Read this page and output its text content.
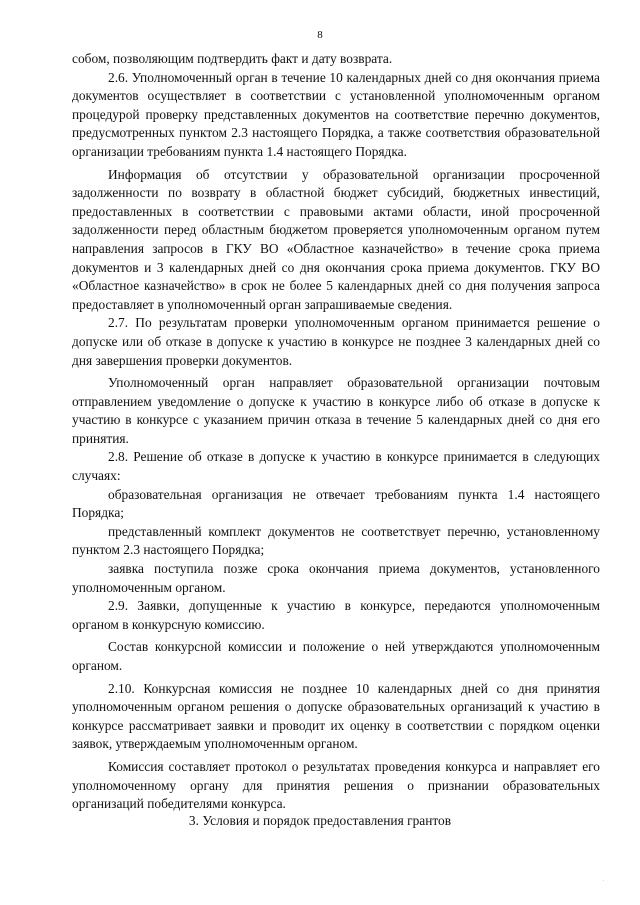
8

собом, позволяющим подтвердить факт и дату возврата.

2.6. Уполномоченный орган в течение 10 календарных дней со дня окончания приема документов осуществляет в соответствии с установленной уполномоченным органом процедурой проверку представленных документов на соответствие перечню документов, предусмотренных пунктом 2.3 настоящего Порядка, а также соответствия образовательной организации требованиям пункта 1.4 настоящего Порядка.

Информация об отсутствии у образовательной организации просроченной задолженности по возврату в областной бюджет субсидий, бюджетных инвестиций, предоставленных в соответствии с правовыми актами области, иной просроченной задолженности перед областным бюджетом проверяется уполномоченным органом путем направления запросов в ГКУ ВО «Областное казначейство» в течение срока приема документов и 3 календарных дней со дня окончания срока приема документов. ГКУ ВО «Областное казначейство» в срок не более 5 календарных дней со дня получения запроса предоставляет в уполномоченный орган запрашиваемые сведения.

2.7. По результатам проверки уполномоченным органом принимается решение о допуске или об отказе в допуске к участию в конкурсе не позднее 3 календарных дней со дня завершения проверки документов.

Уполномоченный орган направляет образовательной организации почтовым отправлением уведомление о допуске к участию в конкурсе либо об отказе в допуске к участию в конкурсе с указанием причин отказа в течение 5 календарных дней со дня его принятия.

2.8. Решение об отказе в допуске к участию в конкурсе принимается в следующих случаях:

образовательная организация не отвечает требованиям пункта 1.4 настоящего Порядка;

представленный комплект документов не соответствует перечню, установленному пунктом 2.3 настоящего Порядка;

заявка поступила позже срока окончания приема документов, установленного уполномоченным органом.

2.9. Заявки, допущенные к участию в конкурсе, передаются уполномоченным органом в конкурсную комиссию.

Состав конкурсной комиссии и положение о ней утверждаются уполномоченным органом.

2.10. Конкурсная комиссия не позднее 10 календарных дней со дня принятия уполномоченным органом решения о допуске образовательных организаций к участию в конкурсе рассматривает заявки и проводит их оценку в соответствии с порядком оценки заявок, утверждаемым уполномоченным органом.

Комиссия составляет протокол о результатах проведения конкурса и направляет его уполномоченному органу для принятия решения о признании образовательных организаций победителями конкурса.

3. Условия и порядок предоставления грантов
.
